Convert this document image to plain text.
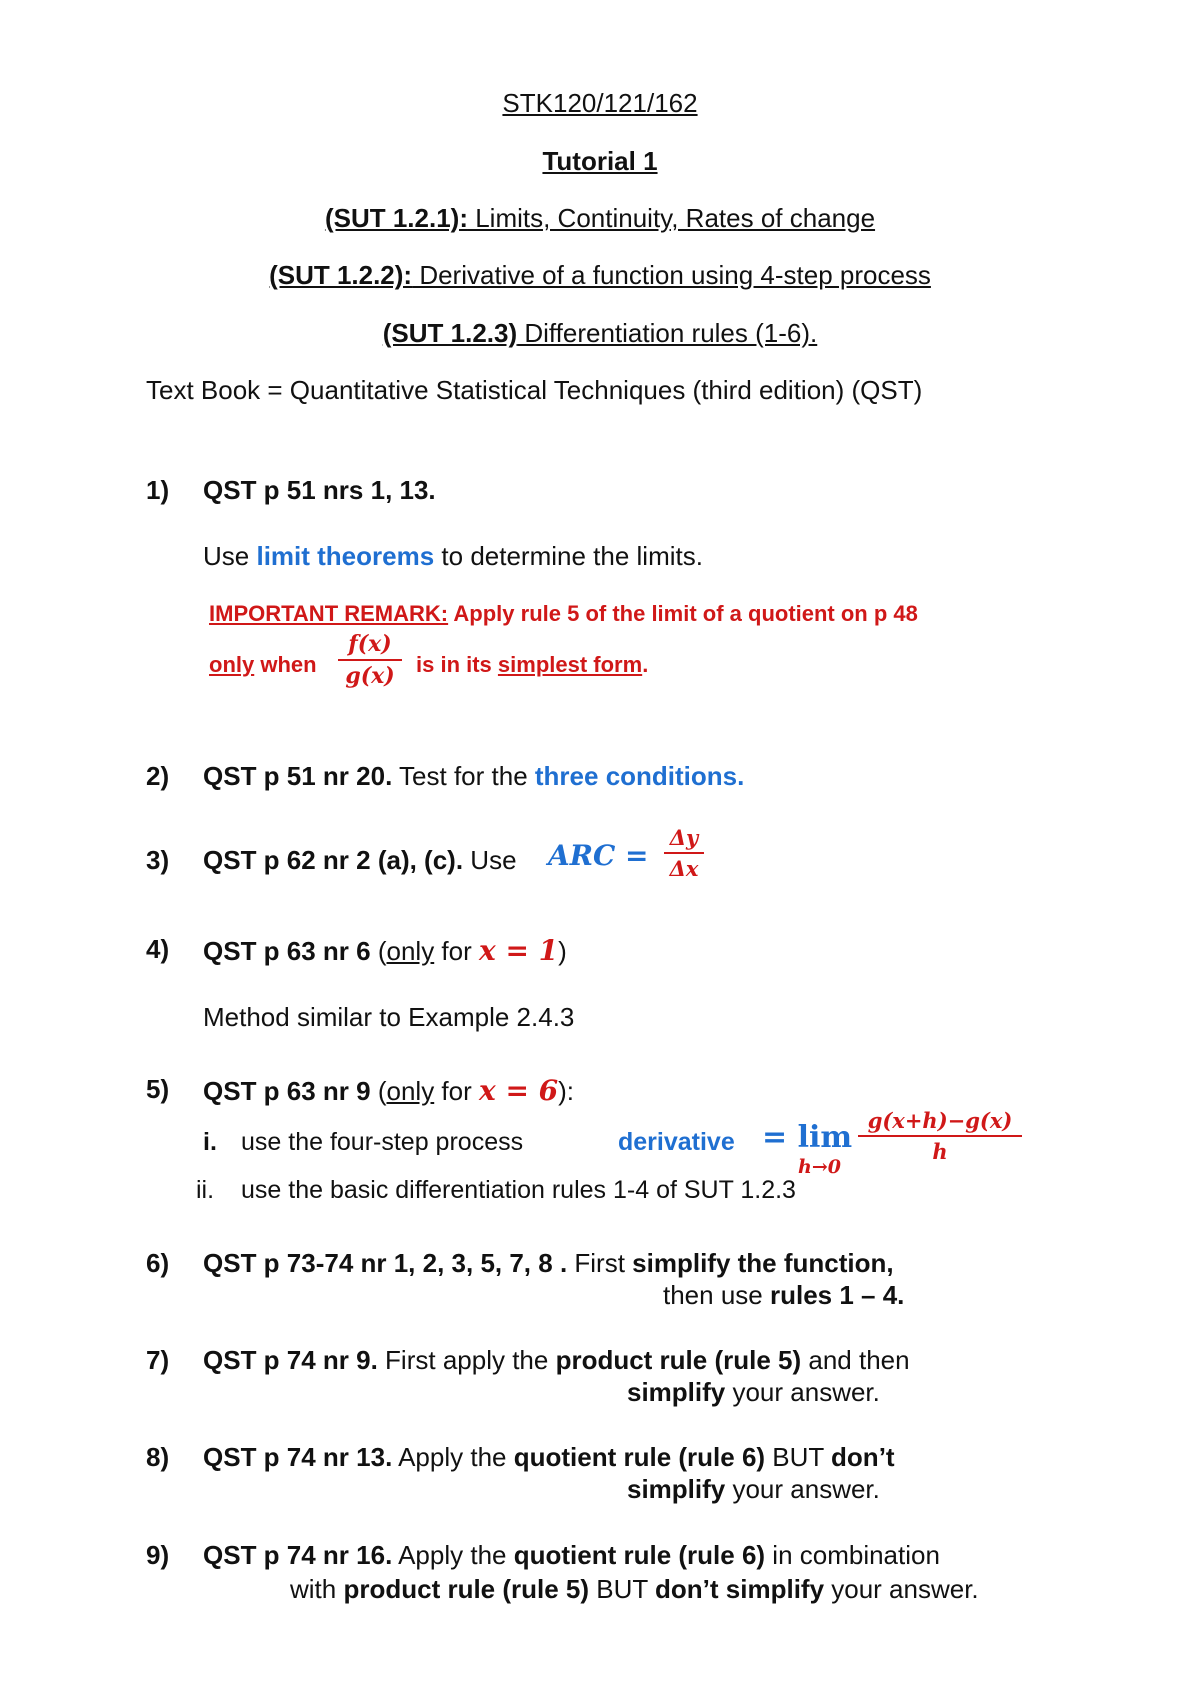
STK120/121/162
Tutorial 1
(SUT 1.2.1): Limits, Continuity, Rates of change
(SUT 1.2.2): Derivative of a function using 4-step process
(SUT 1.2.3) Differentiation rules (1-6).
Text Book = Quantitative Statistical Techniques (third edition) (QST)
1) QST p 51 nrs 1, 13.
Use limit theorems to determine the limits.
IMPORTANT REMARK: Apply rule 5 of the limit of a quotient on p 48
only when
f(x)
g(x) is in its simplest form.
2) QST p 51 nr 20. Test for the three conditions.
3) QST p 62 nr 2 (a), (c). Use ARC =
Δy
Δx
4) QST p 63 nr 6 (only for x = 1)
Method similar to Example 2.4.3
5) QST p 63 nr 9 (only for x = 6):
i. use the four-step process	derivative = lim
h→0
g(x+h)−g(x)
h
ii. use the basic differentiation rules 1-4 of SUT 1.2.3
6) QST p 73-74 nr 1, 2, 3, 5, 7, 8 . First simplify the function,
then use rules 1 – 4.
7) QST p 74 nr 9. First apply the product rule (rule 5) and then
simplify your answer.
8) QST p 74 nr 13. Apply the quotient rule (rule 6) BUT don’t
simplify your answer.
9) QST p 74 nr 16. Apply the quotient rule (rule 6) in combination
with product rule (rule 5) BUT don’t simplify your answer.
